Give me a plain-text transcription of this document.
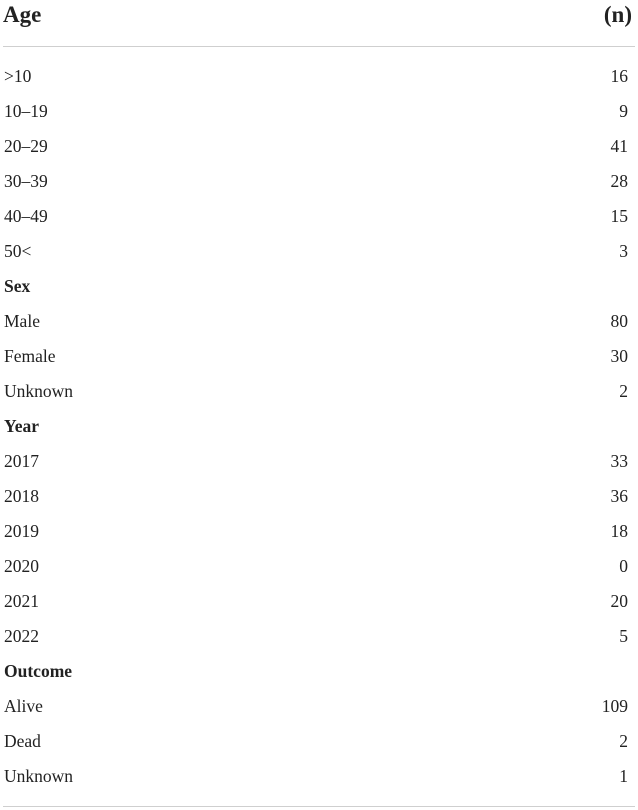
Age	(n)
>10	16
10–19	9
20–29	41
30–39	28
40–49	15
50<	3
Sex
Male	80
Female	30
Unknown	2
Year
2017	33
2018	36
2019	18
2020	0
2021	20
2022	5
Outcome
Alive	109
Dead	2
Unknown	1
